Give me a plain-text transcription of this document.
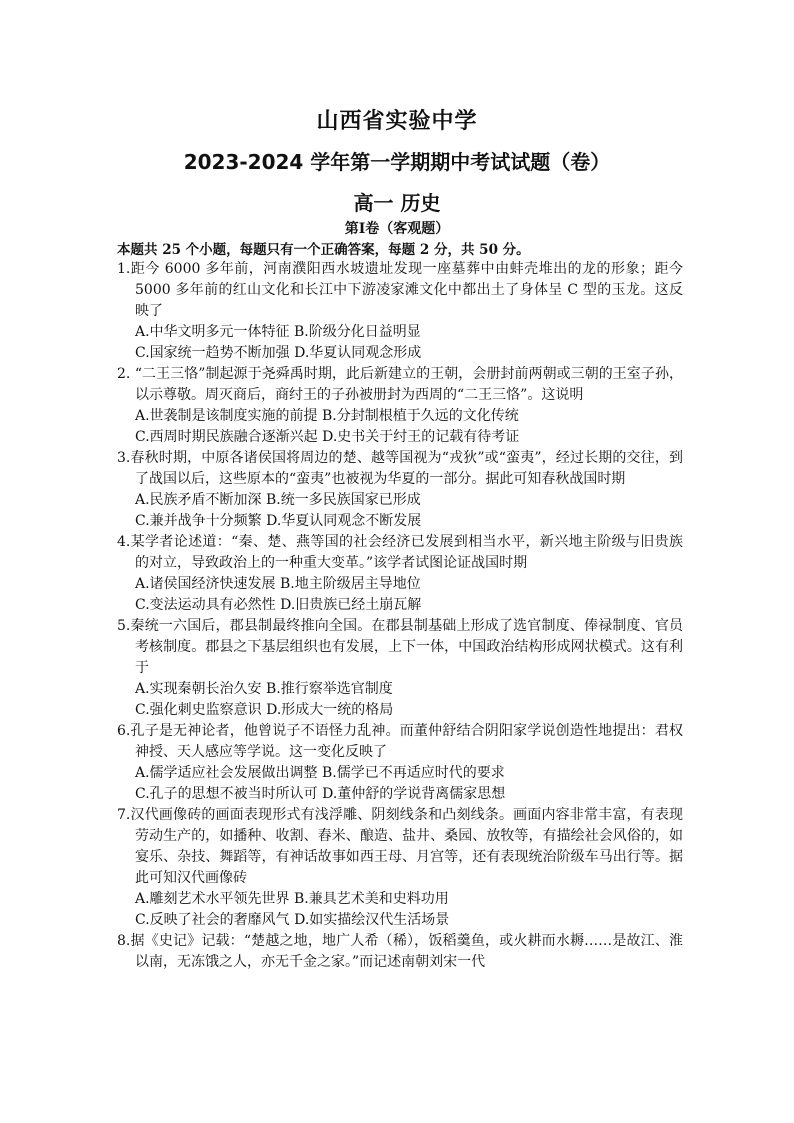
山西省实验中学
2023-2024 学年第一学期期中考试试题（卷）
高一 历史
第Ⅰ卷（客观题）
本题共 25 个小题，每题只有一个正确答案，每题 2 分，共 50 分。
1.距今 6000 多年前，河南濮阳西水坡遗址发现一座墓葬中由蚌壳堆出的龙的形象；距今 5000 多年前的红山文化和长江中下游凌家滩文化中都出土了身体呈 C 型的玉龙。这反映了
A.中华文明多元一体特征 B.阶级分化日益明显
C.国家统一趋势不断加强 D.华夏认同观念形成
2. “二王三恪”制起源于尧舜禹时期，此后新建立的王朝，会册封前两朝或三朝的王室子孙，以示尊敬。周灭商后，商纣王的子孙被册封为西周的“二王三恪”。这说明
A.世袭制是该制度实施的前提 B.分封制根植于久远的文化传统
C.西周时期民族融合逐渐兴起 D.史书关于纣王的记载有待考证
3.春秋时期，中原各诸侯国将周边的楚、越等国视为“戎狄”或“蛮夷”，经过长期的交往，到了战国以后，这些原本的“蛮夷”也被视为华夏的一部分。据此可知春秋战国时期
A.民族矛盾不断加深 B.统一多民族国家已形成
C.兼并战争十分频繁 D.华夏认同观念不断发展
4.某学者论述道：“秦、楚、燕等国的社会经济已发展到相当水平，新兴地主阶级与旧贵族的对立，导致政治上的一种重大变革。”该学者试图论证战国时期
A.诸侯国经济快速发展 B.地主阶级居主导地位
C.变法运动具有必然性 D.旧贵族已经土崩瓦解
5.秦统一六国后，郡县制最终推向全国。在郡县制基础上形成了选官制度、俸禄制度、官员考核制度。郡县之下基层组织也有发展，上下一体，中国政治结构形成网状模式。这有利于
A.实现秦朝长治久安 B.推行察举选官制度
C.强化刺史监察意识 D.形成大一统的格局
6.孔子是无神论者，他曾说子不语怪力乱神。而董仲舒结合阴阳家学说创造性地提出：君权神授、天人感应等学说。这一变化反映了
A.儒学适应社会发展做出调整 B.儒学已不再适应时代的要求
C.孔子的思想不被当时所认可 D.董仲舒的学说背离儒家思想
7.汉代画像砖的画面表现形式有浅浮雕、阴刻线条和凸刻线条。画面内容非常丰富，有表现劳动生产的，如播种、收割、舂米、酿造、盐井、桑园、放牧等，有描绘社会风俗的，如宴乐、杂技、舞蹈等，有神话故事如西王母、月宫等，还有表现统治阶级车马出行等。据此可知汉代画像砖
A.雕刻艺术水平领先世界 B.兼具艺术美和史料功用
C.反映了社会的奢靡风气 D.如实描绘汉代生活场景
8.据《史记》记载：“楚越之地，地广人希（稀），饭稻羹鱼，或火耕而水耨……是故江、淮以南，无冻饿之人，亦无千金之家。”而记述南朝刘宋一代
